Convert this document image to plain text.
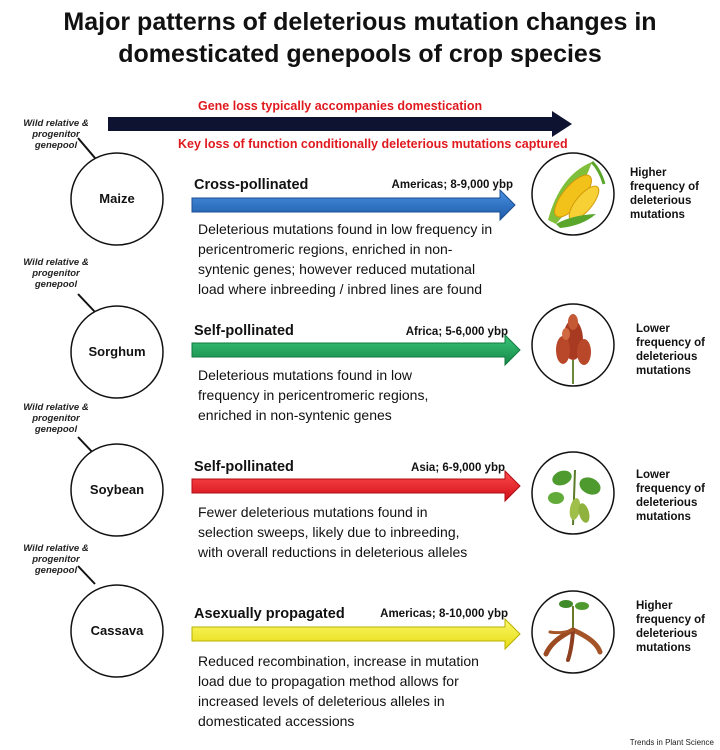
Major patterns of deleterious mutation changes in
domesticated genepools of crop species
Gene loss typically accompanies domestication
Key loss of function conditionally deleterious mutations captured
Wild relative &
progenitor
genepool
Wild relative &
progenitor
genepool
Wild relative &
progenitor
genepool
Wild relative &
progenitor
genepool
Maize
Sorghum
Soybean
Cassava
Cross-pollinated
Self-pollinated
Self-pollinated
Asexually propagated
Americas; 8-9,000 ybp
Africa; 5-6,000 ybp
Asia; 6-9,000 ybp
Americas; 8-10,000 ybp
Deleterious mutations found in low frequency in
pericentromeric regions, enriched in non-
syntenic genes; however reduced mutational
load where inbreeding / inbred lines are found
Deleterious mutations found in low
frequency in pericentromeric regions,
enriched in non-syntenic genes
Fewer deleterious mutations found in
selection sweeps, likely due to inbreeding,
with overall reductions in deleterious alleles
Reduced recombination, increase in mutation
load due to propagation method allows for
increased levels of deleterious alleles in
domesticated accessions
Higher
frequency of
deleterious
mutations
Lower
frequency of
deleterious
mutations
Lower
frequency of
deleterious
mutations
Higher
frequency of
deleterious
mutations
Trends in Plant Science
